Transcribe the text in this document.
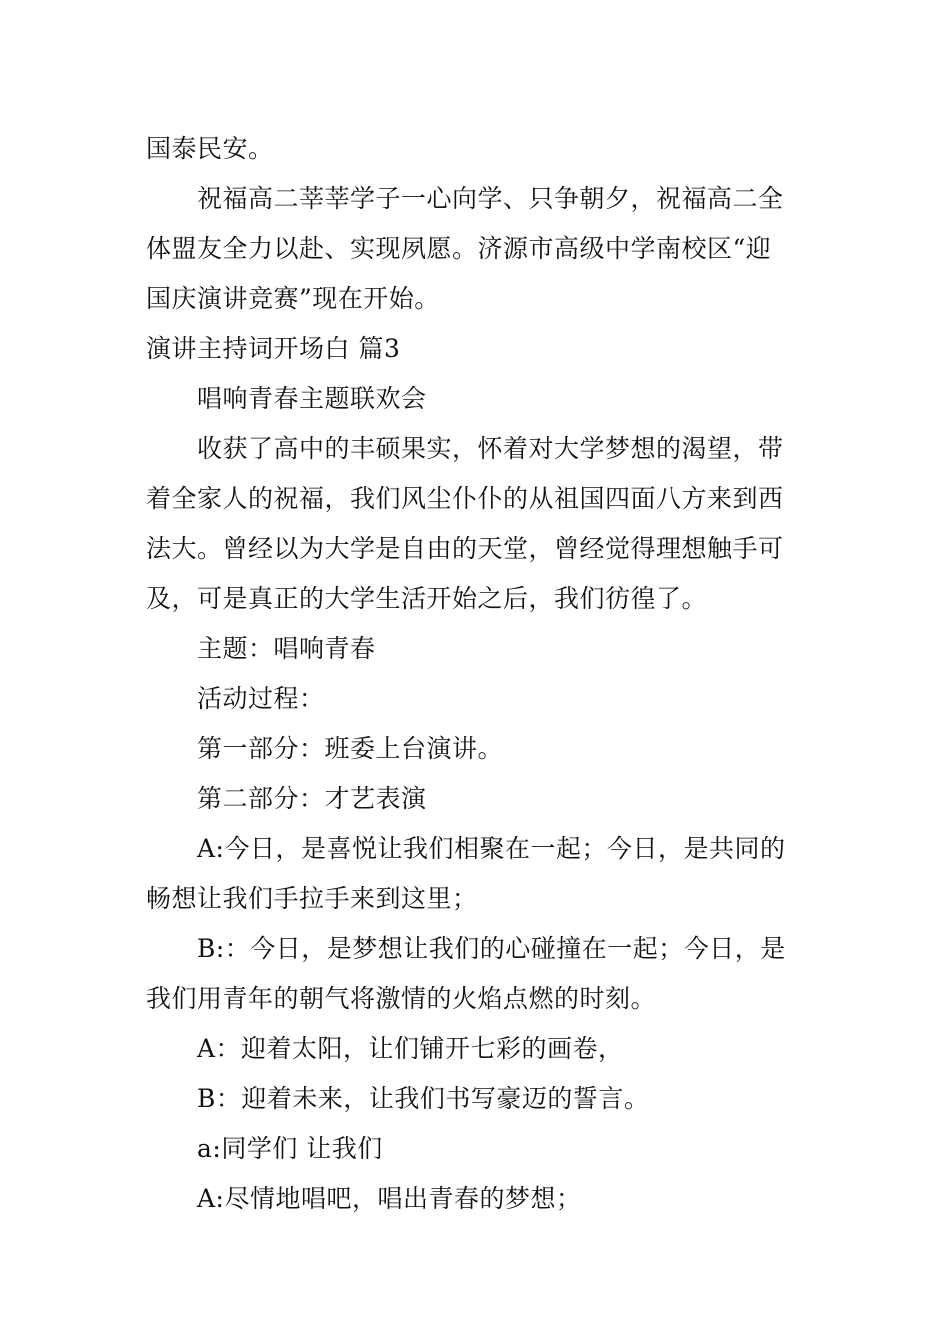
国泰民安。

祝福高二莘莘学子一心向学、只争朝夕，祝福高二全

体盟友全力以赴、实现夙愿。济源市高级中学南校区“迎

国庆演讲竞赛”现在开始。

演讲主持词开场白 篇3

唱响青春主题联欢会

收获了高中的丰硕果实，怀着对大学梦想的渴望，带

着全家人的祝福，我们风尘仆仆的从祖国四面八方来到西

法大。曾经以为大学是自由的天堂，曾经觉得理想触手可

及，可是真正的大学生活开始之后，我们彷徨了。

主题：唱响青春

活动过程：

第一部分：班委上台演讲。

第二部分：才艺表演

A:今日，是喜悦让我们相聚在一起；今日，是共同的

畅想让我们手拉手来到这里；

B:：今日，是梦想让我们的心碰撞在一起；今日，是

我们用青年的朝气将激情的火焰点燃的时刻。

A：迎着太阳，让们铺开七彩的画卷，

B：迎着未来，让我们书写豪迈的誓言。

a:同学们 让我们

A:尽情地唱吧，唱出青春的梦想；
